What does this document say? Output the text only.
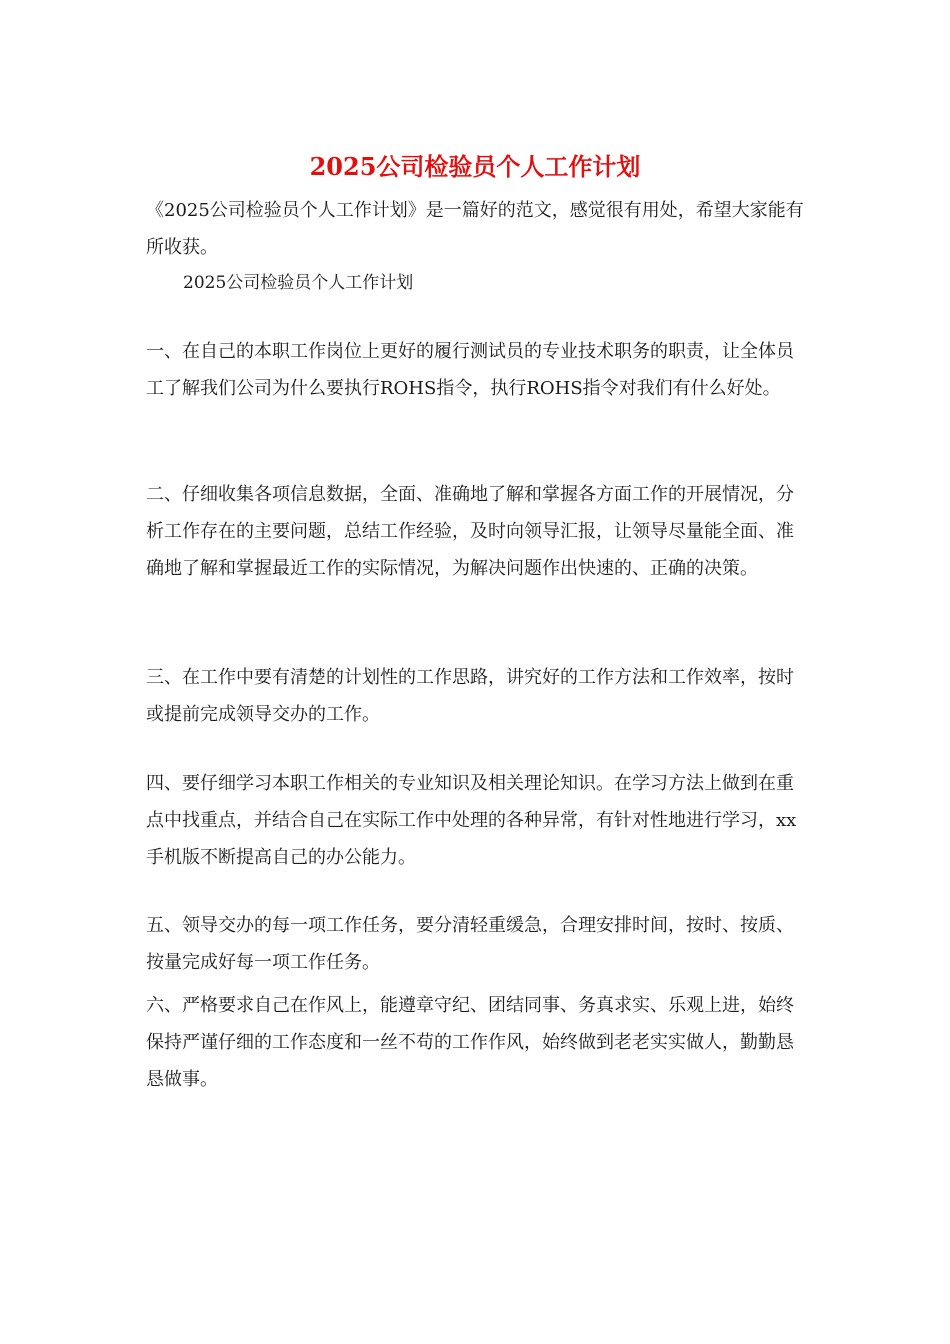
2025公司检验员个人工作计划

《2025公司检验员个人工作计划》是一篇好的范文，感觉很有用处，希望大家能有所收获。

2025公司检验员个人工作计划

一、在自己的本职工作岗位上更好的履行测试员的专业技术职务的职责，让全体员工了解我们公司为什么要执行ROHS指令，执行ROHS指令对我们有什么好处。

二、仔细收集各项信息数据，全面、准确地了解和掌握各方面工作的开展情况，分析工作存在的主要问题，总结工作经验，及时向领导汇报，让领导尽量能全面、准确地了解和掌握最近工作的实际情况，为解决问题作出快速的、正确的决策。

三、在工作中要有清楚的计划性的工作思路，讲究好的工作方法和工作效率，按时或提前完成领导交办的工作。

四、要仔细学习本职工作相关的专业知识及相关理论知识。在学习方法上做到在重点中找重点，并结合自己在实际工作中处理的各种异常，有针对性地进行学习，xx手机版不断提高自己的办公能力。

五、领导交办的每一项工作任务，要分清轻重缓急，合理安排时间，按时、按质、按量完成好每一项工作任务。

六、严格要求自己在作风上，能遵章守纪、团结同事、务真求实、乐观上进，始终保持严谨仔细的工作态度和一丝不苟的工作作风，始终做到老老实实做人，勤勤恳恳做事。
